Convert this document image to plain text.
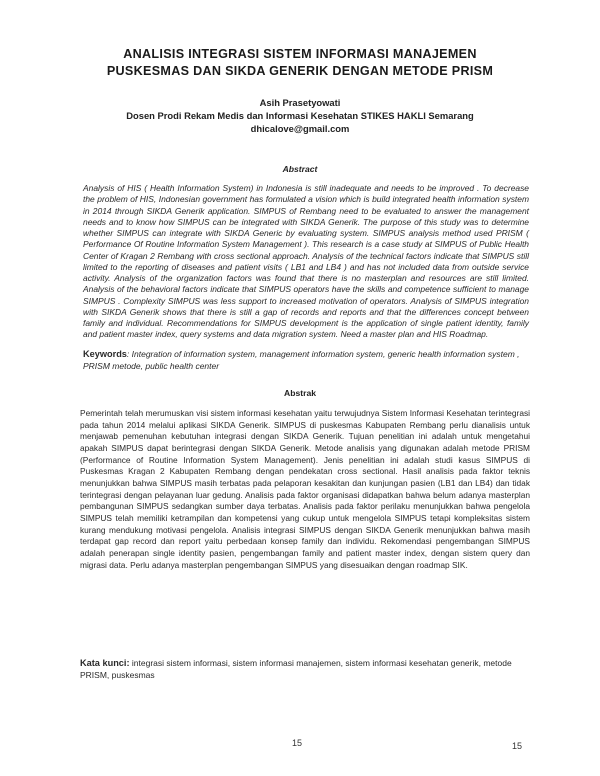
ANALISIS INTEGRASI SISTEM INFORMASI MANAJEMEN
PUSKESMAS DAN SIKDA GENERIK DENGAN METODE PRISM
Asih Prasetyowati
Dosen Prodi Rekam Medis dan Informasi Kesehatan STIKES HAKLI Semarang
dhicalove@gmail.com
Abstract
Analysis of HIS ( Health Information System) in Indonesia is still inadequate and needs to be improved . To decrease the problem of HIS, Indonesian government has formulated a vision which is build integrated health information system in 2014 through SIKDA Generik application. SIMPUS of Rembang need to be evaluated to answer the management needs and to know how SIMPUS can be integrated with SIKDA Generik. The purpose of this study was to determine whether SIMPUS can integrate with SIKDA Generic by evaluating system. SIMPUS analysis method used PRISM ( Performance Of Routine Information System Management ). This research is a case study at SIMPUS of Public Health Center of Kragan 2 Rembang with cross sectional approach. Analysis of the technical factors indicate that SIMPUS still limited to the reporting of diseases and patient visits ( LB1 and LB4 ) and has not included data from outside service activity. Analysis of the organization factors was found that there is no masterplan and resources are still limited. Analysis of the behavioral factors indicate that SIMPUS operators have the skills and competence sufficient to manage SIMPUS . Complexity SIMPUS was less support to increased motivation of operators. Analysis of SIMPUS integration with SIKDA Generik shows that there is still a gap of records and reports and that the differences concept between family and individual. Recommendations for SIMPUS development is the application of single patient identity, family and patient master index, query systems and data migration system. Need a master plan and HIS Roadmap.
Keywords: Integration of information system, management information system, generic health information system , PRISM metode, public health center
Abstrak
Pemerintah telah merumuskan visi sistem informasi kesehatan yaitu terwujudnya Sistem Informasi Kesehatan terintegrasi pada tahun 2014 melalui aplikasi SIKDA Generik. SIMPUS di puskesmas Kabupaten Rembang perlu dianalisis untuk menjawab pemenuhan kebutuhan integrasi dengan SIKDA Generik. Tujuan penelitian ini adalah untuk mengetahui apakah SIMPUS dapat berintegrasi dengan SIKDA Generik. Metode analisis yang digunakan adalah metode PRISM (Performance of Routine Information System Management). Jenis penelitian ini adalah studi kasus SIMPUS di Puskesmas Kragan 2 Kabupaten Rembang dengan pendekatan cross sectional. Hasil analisis pada faktor teknis menunjukkan bahwa SIMPUS masih terbatas pada pelaporan kesakitan dan kunjungan pasien (LB1 dan LB4) dan tidak terintegrasi dengan pelayanan luar gedung. Analisis pada faktor organisasi didapatkan bahwa belum adanya masterplan pembangunan SIMPUS sedangkan sumber daya terbatas. Analisis pada faktor perilaku menunjukkan bahwa pengelola SIMPUS telah memiliki ketrampilan dan kompetensi yang cukup untuk mengelola SIMPUS tetapi kompleksitas sistem kurang mendukung motivasi pengelola. Analisis integrasi SIMPUS dengan SIKDA Generik menunjukkan bahwa masih terdapat gap record dan report yaitu perbedaan konsep family dan individu. Rekomendasi pengembangan SIMPUS adalah penerapan single identity pasien, pengembangan family and patient master index, dengan sistem query dan migrasi data. Perlu adanya masterplan pengembangan SIMPUS yang disesuaikan dengan roadmap SIK.
Kata kunci: integrasi sistem informasi, sistem informasi manajemen, sistem informasi kesehatan generik, metode PRISM, puskesmas
15	15
